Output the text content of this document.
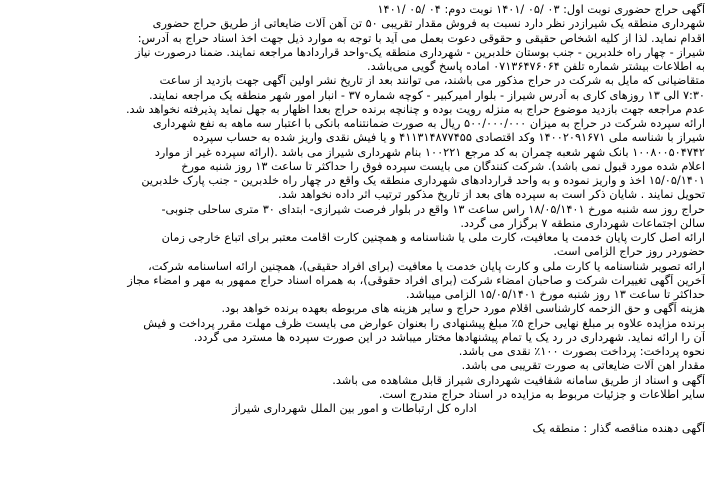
آگهی حراج حضوری نوبت اول: ۰۳ /۰۵ /۱۴۰۱ نوبت دوم: ۰۴ /۰۵ /۱۴۰۱
شهرداری منطقه یک شیرازدر نظر دارد نسبت به فروش مقدار تقریبی ۵۰ تن آهن آلات ضایعاتی از طریق حراج حضوری
اقدام نماید. لذا از کلیه اشخاص حقیقی و حقوقی دعوت بعمل می آید با توجه به موارد ذیل جهت اخذ اسناد حراج به آدرس:
شیراز - چهار راه خلدبرین - جنب بوستان خلدبرین - شهرداری منطقه یک-واحد قراردادها مراجعه نمایند. ضمنا درصورت نیاز
به اطلاعات بیشتر شماره تلفن ۰۷۱۳۶۴۷۶۰۶۴ اماده پاسخ گویی می‌باشد.
متقاضیانی که مایل به شرکت در حراج مذکور می باشند، می توانند بعد از تاریخ نشر اولین آگهی جهت بازدید از ساعت
۷:۳۰ الی ۱۳ روزهای کاری به آدرس شیراز - بلوار امیرکبیر - کوچه شماره ۳۷ - انبار امور شهر منطقه یک مراجعه نمایند.
عدم مراجعه جهت بازدید موضوع حراج به منزله رویت بوده و چنانچه برنده حراج بعدا اظهار به جهل نماید پذیرفته نخواهد شد.
ارائه سپرده شرکت در حراج به میزان ۵۰۰/۰۰۰/۰۰۰ ریال به صورت ضمانتنامه بانکی با اعتبار سه ماهه به نفع شهرداری
شیراز با شناسه ملی ۱۴۰۰۲۰۹۱۶۷۱ وکد اقتصادی ۴۱۱۳۱۴۸۷۷۴۵۵ و یا فیش نقدی واریز شده به حساب سپرده
۱۰۰۸۰۰۵۰۴۷۴۲ بانک شهر شعبه چمران به کد مرجع ۱۰۰۲۲۱ بنام شهرداری شیراز می باشد .(ارائه سپرده غیر از موارد
اعلام شده مورد قبول نمی باشد). شرکت کنندگان می بایست سپرده فوق را حداکثر تا ساعت ۱۳ روز شنبه مورخ
۱۵/۰۵/۱۴۰۱ اخذ و واریز نموده و به واحد قراردادهای شهرداری منطقه یک واقع در چهار راه خلدبرین - جنب پارک خلدبرین
تحویل نمایند . شایان ذکر است به سپرده های بعد از تاریخ مذکور ترتیب اثر داده نخواهد شد.
حراج روز سه شنبه مورخ ۱۸/۰۵/۱۴۰۱ راس ساعت ۱۳ واقع در بلوار فرصت شیرازی- ابتدای ۳۰ متری ساحلی جنوبی-
سالن اجتماعات شهرداری منطقه ۷ برگزار می گردد.
ارائه اصل کارت پایان خدمت یا معافیت، کارت ملی یا شناسنامه و همچنین کارت اقامت معتبر برای اتباع خارجی زمان
حضوردر روز حراج الزامی است.
ارائه تصویر شناسنامه یا کارت ملی و کارت پایان خدمت یا معافیت (برای افراد حقیقی)، همچنین ارائه اساسنامه شرکت،
آخرین آگهی تغییرات شرکت و صاحبان امضاء شرکت (برای افراد حقوقی)، به همراه اسناد حراج ممهور به مهر و امضاء مجاز
حداکثر تا ساعت ۱۳ روز شنبه مورخ ۱۵/۰۵/۱۴۰۱ الزامی میباشد.
هزینه آگهی و حق الزحمه کارشناسی اقلام مورد حراج و سایر هزینه های مربوطه بعهده برنده خواهد بود.
برنده مزایده علاوه بر مبلغ نهایی حراج ۵٪ مبلغ پیشنهادی را بعنوان عوارض می بایست ظرف مهلت مقرر پرداخت و فیش
آن را ارائه نماید. شهرداری در رد یک یا تمام پیشنهادها مختار میباشد در این صورت سپرده ها مسترد می گردد.
نحوه پرداخت: پرداخت بصورت ۱۰۰٪ نقدی می باشد.
مقدار اهن آلات ضایعاتی به صورت تقریبی می باشد.
آگهی و اسناد از طریق سامانه شفافیت شهرداری شیراز قابل مشاهده می باشد.
سایر اطلاعات و جزئیات مربوط به مزایده در اسناد حراج مندرج است.
اداره کل ارتباطات و امور بین الملل شهرداری شیراز
آگهی دهنده مناقصه گذار : منطقه یک
